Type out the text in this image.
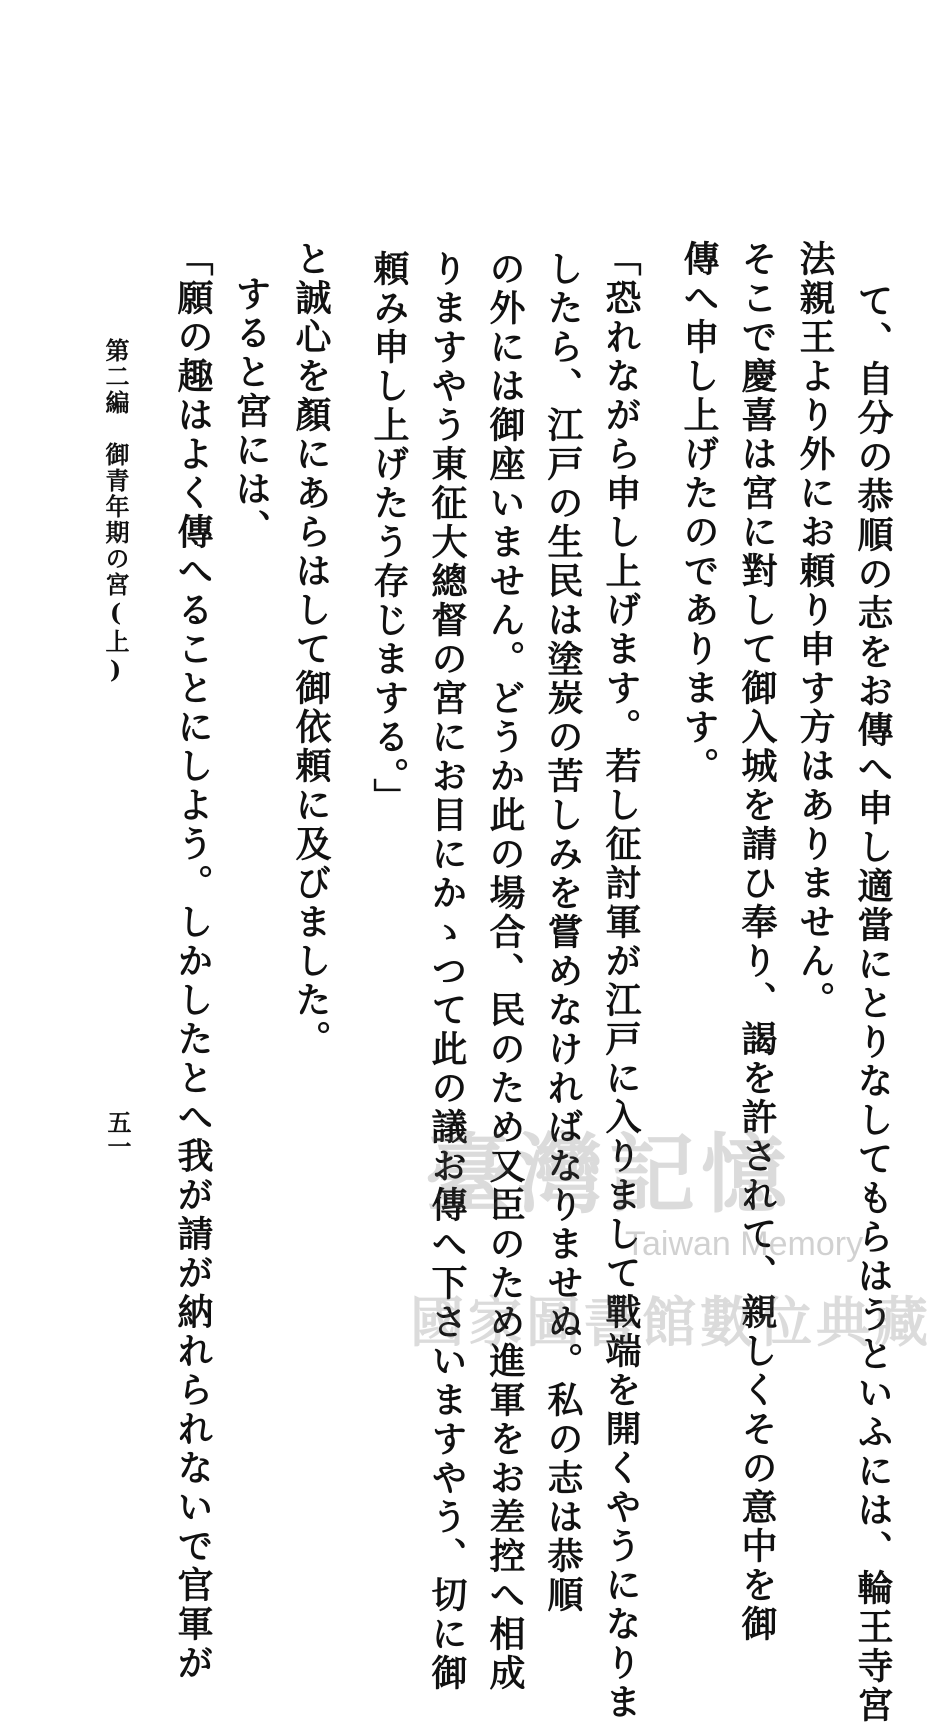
て、自分の恭順の志をお傳へ申し適當にとりなしてもらはうといふには、輪王寺宮
法親王より外にお頼り申す方はありません。
そこで慶喜は宮に對して御入城を請ひ奉り、謁を許されて、親しくその意中を御
傳へ申し上げたのであります。
「恐れながら申し上げます。若し征討軍が江戸に入りまして戰端を開くやうになりま
したら、江戸の生民は塗炭の苦しみを嘗めなければなりませぬ。私の志は恭順
の外には御座いません。どうか此の場合、民のため又臣のため進軍をお差控へ相成
りますやう東征大總督の宮にお目にかゝつて此の議お傳へ下さいますやう、切に御
頼み申し上げたう存じまする。」
と誠心を顏にあらはして御依頼に及びました。
すると宮には、
「願の趣はよく傳へることにしよう。しかしたとへ我が請が納れられないで官軍が
第二編　御青年期の宮(上)
五一	臺灣記憶
Taiwan Memory
國家圖書館數位典藏
